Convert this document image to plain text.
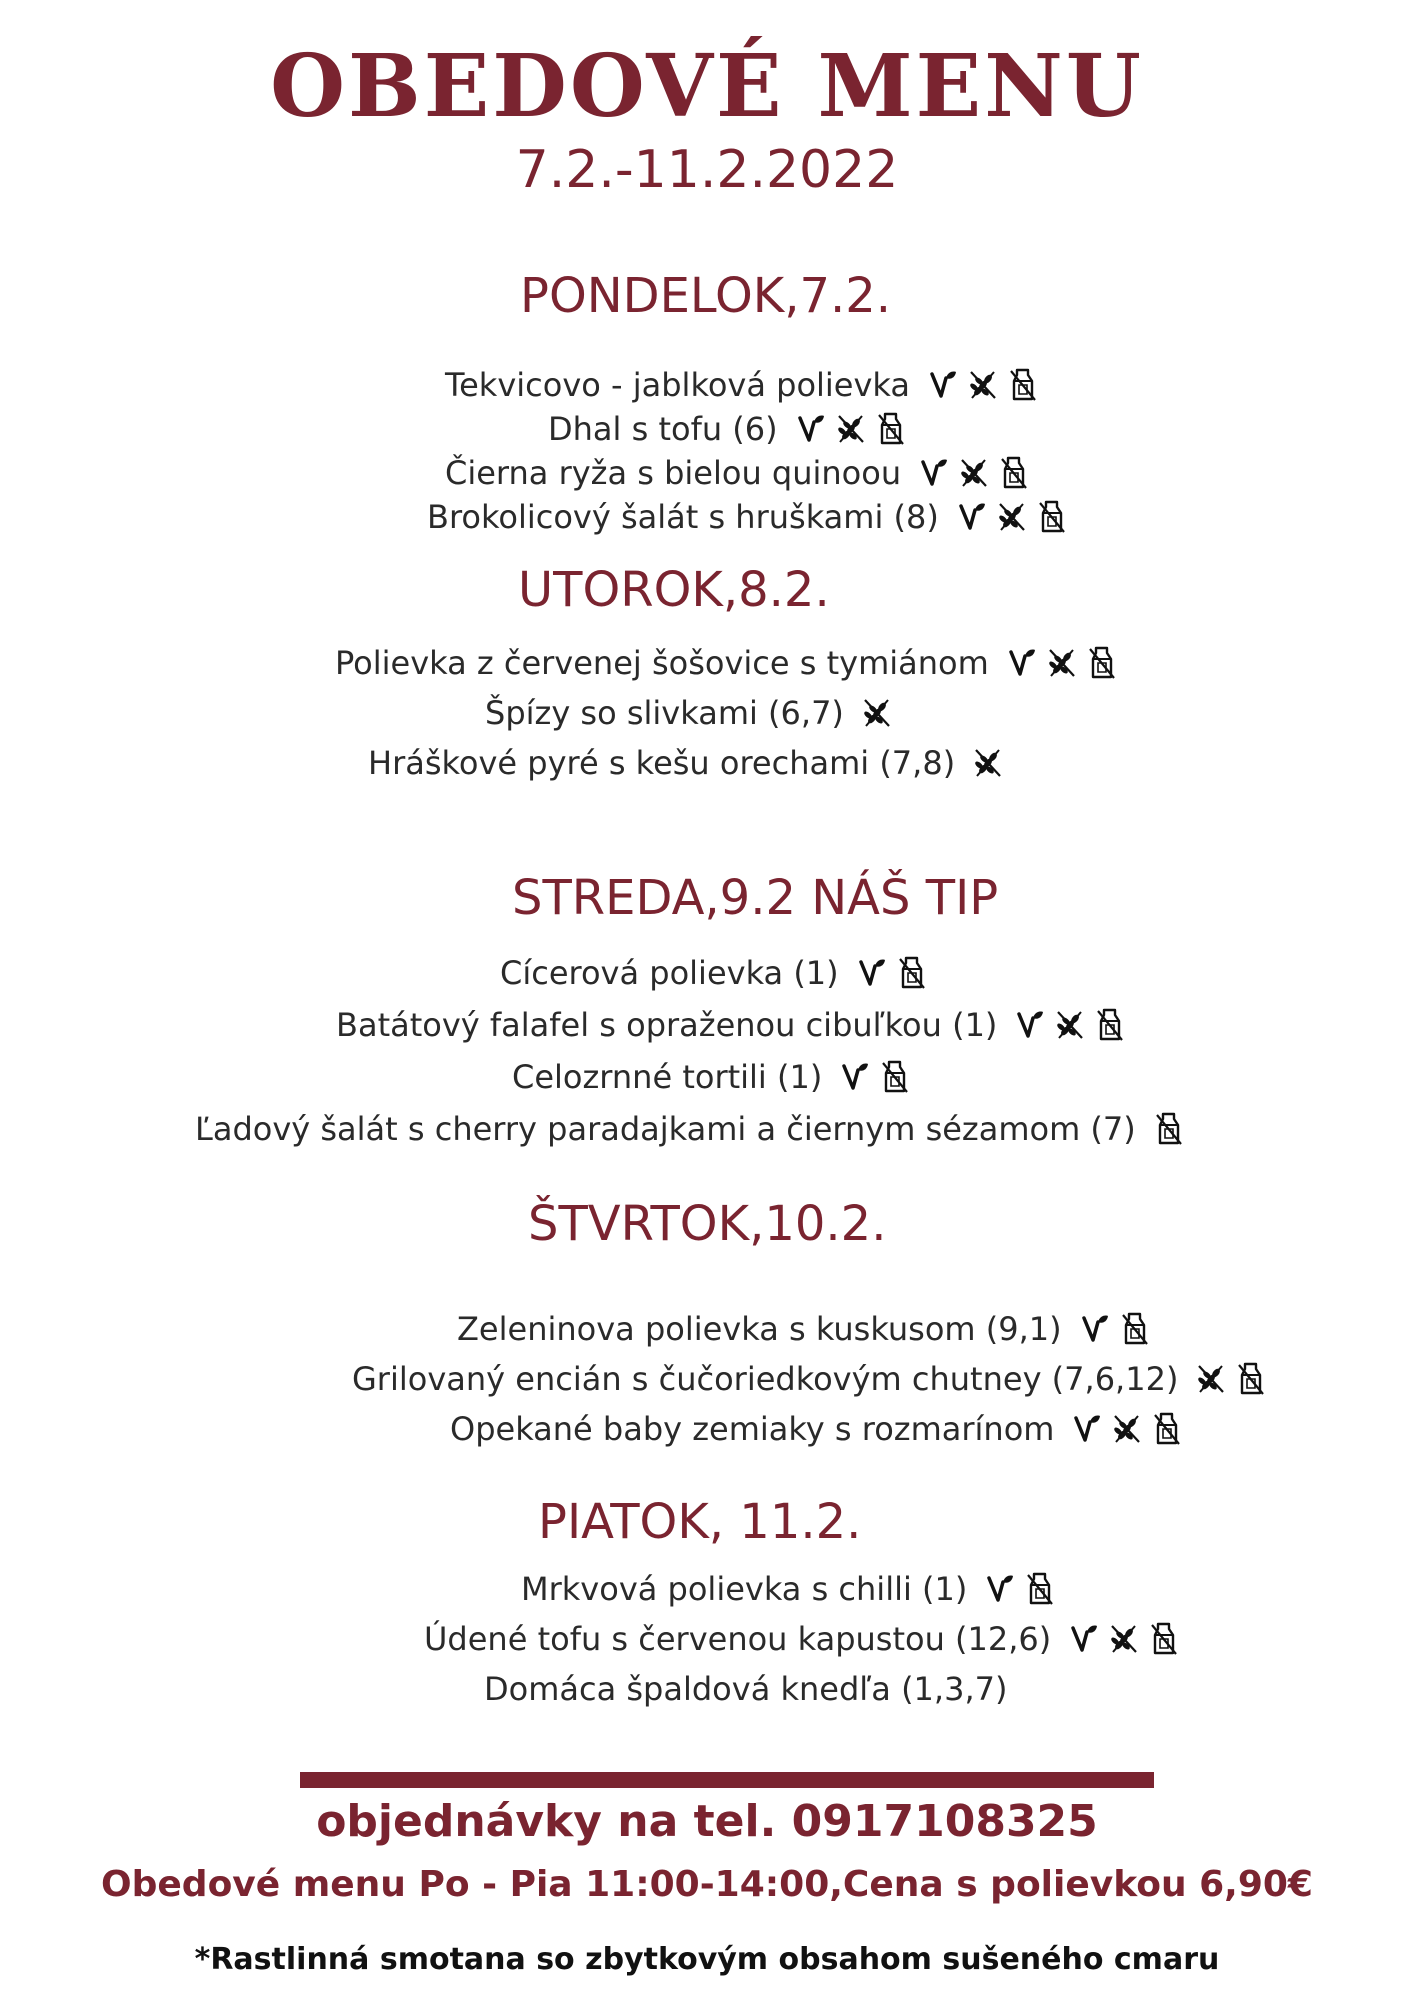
OBEDOVÉ MENU
7.2.-11.2.2022
PONDELOK,7.2.
Tekvicovo - jablková polievka
Dhal s tofu (6)
Čierna ryža s bielou quinoou
Brokolicový šalát s hruškami (8)
UTOROK,8.2.
Polievka z červenej šošovice s tymiánom
Špízy so slivkami (6,7)
Hráškové pyré s kešu orechami (7,8)
STREDA,9.2 NÁŠ TIP
Cícerová polievka (1)
Batátový falafel s opraženou cibuľkou (1)
Celozrnné tortili (1)
Ľadový šalát s cherry paradajkami a čiernym sézamom (7)
ŠTVRTOK,10.2.
Zeleninova polievka s kuskusom (9,1)
Grilovaný encián s čučoriedkovým chutney (7,6,12)
Opekané baby zemiaky s rozmarínom
PIATOK, 11.2.
Mrkvová polievka s chilli (1)
Údené tofu s červenou kapustou (12,6)
Domáca špaldová knedľa (1,3,7)
objednávky na tel. 0917108325
Obedové menu Po - Pia 11:00-14:00,Cena s polievkou 6,90€
*Rastlinná smotana so zbytkovým obsahom sušeného cmaru
